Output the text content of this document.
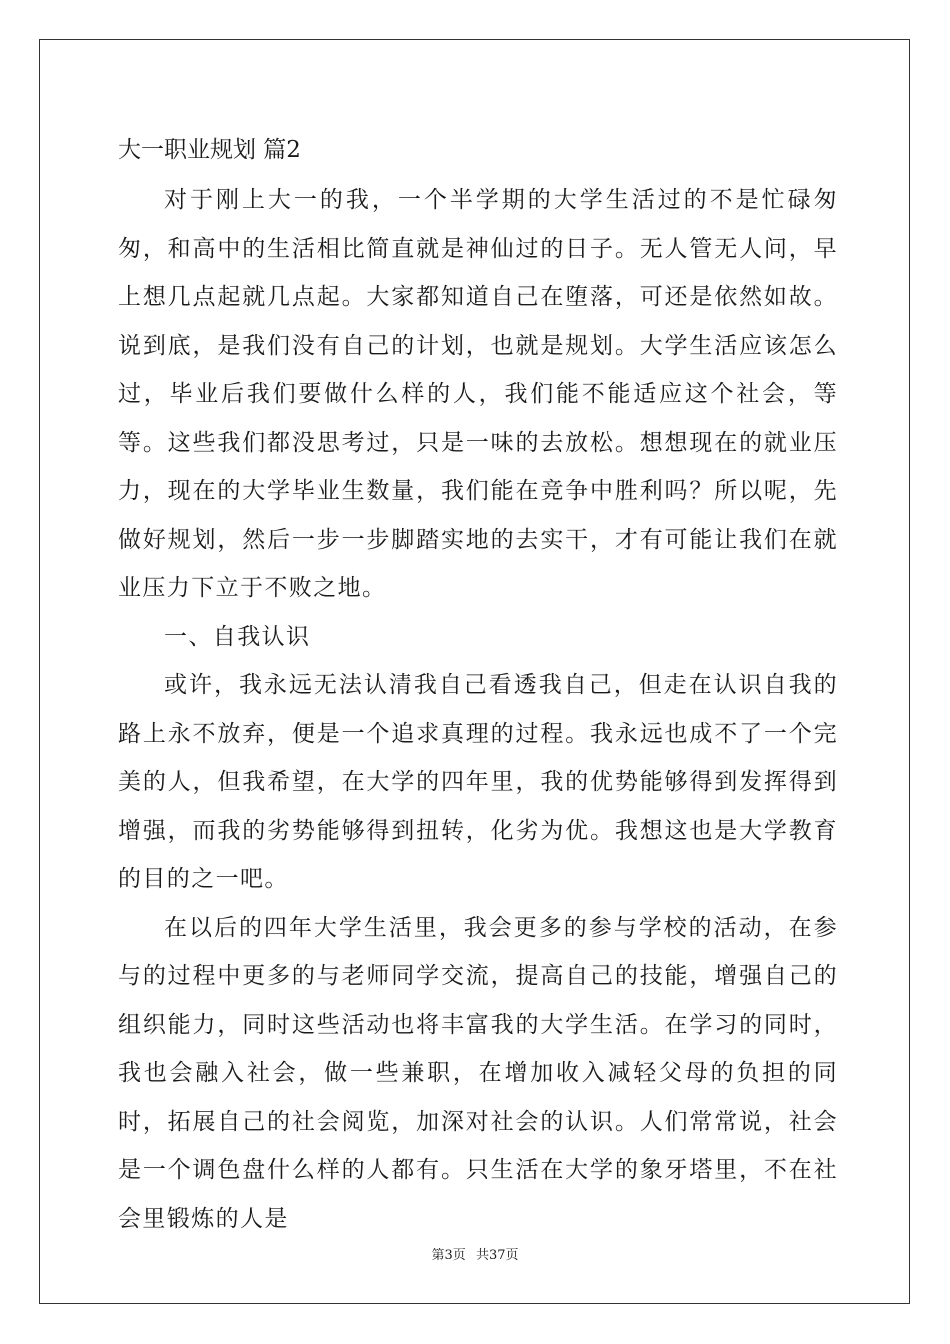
大一职业规划 篇2

对于刚上大一的我，一个半学期的大学生活过的不是忙碌匆匆，和高中的生活相比简直就是神仙过的日子。无人管无人问，早上想几点起就几点起。大家都知道自己在堕落，可还是依然如故。说到底，是我们没有自己的计划，也就是规划。大学生活应该怎么过，毕业后我们要做什么样的人，我们能不能适应这个社会，等等。这些我们都没思考过，只是一味的去放松。想想现在的就业压力，现在的大学毕业生数量，我们能在竞争中胜利吗？所以呢，先做好规划，然后一步一步脚踏实地的去实干，才有可能让我们在就业压力下立于不败之地。

一、自我认识

或许，我永远无法认清我自己看透我自己，但走在认识自我的路上永不放弃，便是一个追求真理的过程。我永远也成不了一个完美的人，但我希望，在大学的四年里，我的优势能够得到发挥得到增强，而我的劣势能够得到扭转，化劣为优。我想这也是大学教育的目的之一吧。

在以后的四年大学生活里，我会更多的参与学校的活动，在参与的过程中更多的与老师同学交流，提高自己的技能，增强自己的组织能力，同时这些活动也将丰富我的大学生活。在学习的同时，我也会融入社会，做一些兼职，在增加收入减轻父母的负担的同时，拓展自己的社会阅览，加深对社会的认识。人们常常说，社会是一个调色盘什么样的人都有。只生活在大学的象牙塔里，不在社会里锻炼的人是

第3页 共37页
